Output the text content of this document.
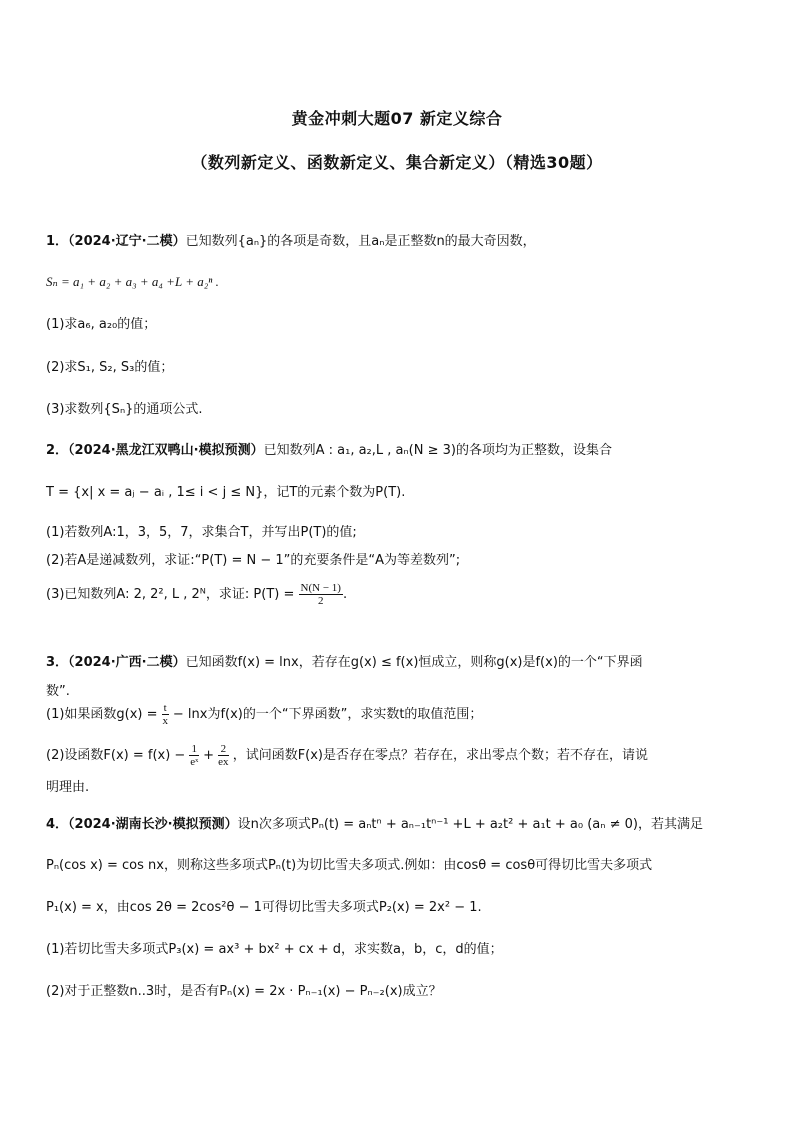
黄金冲刺大题07 新定义综合
（数列新定义、函数新定义、集合新定义）（精选30题）
1．（2024·辽宁·二模）已知数列{aₙ}的各项是奇数，且aₙ是正整数n的最大奇因数，
Sₙ = a₁ + a₂ + a₃ + a₄ +L + a₂ⁿ .
(1)求a₆, a₂₀的值；
(2)求S₁, S₂, S₃的值；
(3)求数列{Sₙ}的通项公式.
2．（2024·黑龙江双鸭山·模拟预测）已知数列A : a₁, a₂,L , aₙ(N ≥ 3)的各项均为正整数，设集合
T = {x| x = aⱼ − aᵢ , 1≤ i < j ≤ N}，记T的元素个数为P(T).
(1)若数列A:1，3，5，7，求集合T，并写出P(T)的值;
(2)若A是递减数列，求证:“P(T) = N − 1”的充要条件是“A为等差数列”;
(3)已知数列A: 2, 2², L , 2ᴺ，求证: $P(T) = \frac{N(N - 1)}{2}$ .
3．（2024·广西·二模）已知函数f(x) = lnx，若存在g(x) ≤ f(x)恒成立，则称g(x)是f(x)的一个“下界函
数”.
(1)如果函数$g(x) = \frac{t}{x} - \ln x$为f(x)的一个“下界函数”，求实数t的取值范围；
(2)设函数$F(x) = f(x) - \frac{1}{\text{eˣ}} + \frac{2}{ex}$ ，试问函数F(x)是否存在零点？若存在，求出零点个数；若不存在，请说
明理由.
4．（2024·湖南长沙·模拟预测）设n次多项式Pₙ(t) = aₙtⁿ + aₙ₋₁tⁿ⁻¹ +L + a₂t² + a₁t + a₀ (aₙ ≠ 0)，若其满足
Pₙ(cos x) = cos nx，则称这些多项式Pₙ(t)为切比雪夫多项式.例如：由cosθ = cosθ可得切比雪夫多项式
P₁(x) = x，由cos 2θ = 2cos²θ − 1可得切比雪夫多项式P₂(x) = 2x² − 1.
(1)若切比雪夫多项式P₃(x) = ax³ + bx² + cx + d，求实数a，b，c，d的值；
(2)对于正整数n..3时，是否有Pₙ(x) = 2x · Pₙ₋₁(x) − Pₙ₋₂(x)成立？
